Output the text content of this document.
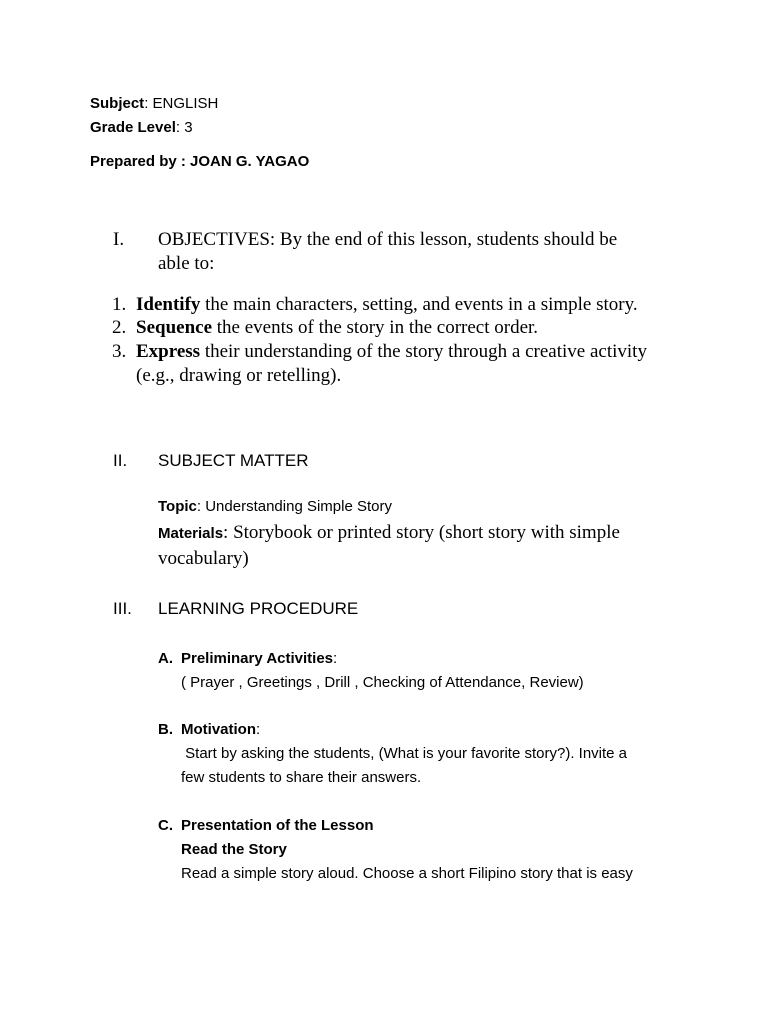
Subject: ENGLISH
Grade Level: 3
Prepared by : JOAN G. YAGAO
I. OBJECTIVES: By the end of this lesson, students should be
able to:
1. Identify the main characters, setting, and events in a simple story.
2. Sequence the events of the story in the correct order.
3. Express their understanding of the story through a creative activity
(e.g., drawing or retelling).
II. SUBJECT MATTER
Topic: Understanding Simple Story
Materials: Storybook or printed story (short story with simple
vocabulary)
III. LEARNING PROCEDURE
A. Preliminary Activities:
( Prayer , Greetings , Drill , Checking of Attendance, Review)
B. Motivation:
Start by asking the students, (What is your favorite story?). Invite a
few students to share their answers.
C. Presentation of the Lesson
Read the Story
Read a simple story aloud. Choose a short Filipino story that is easy
